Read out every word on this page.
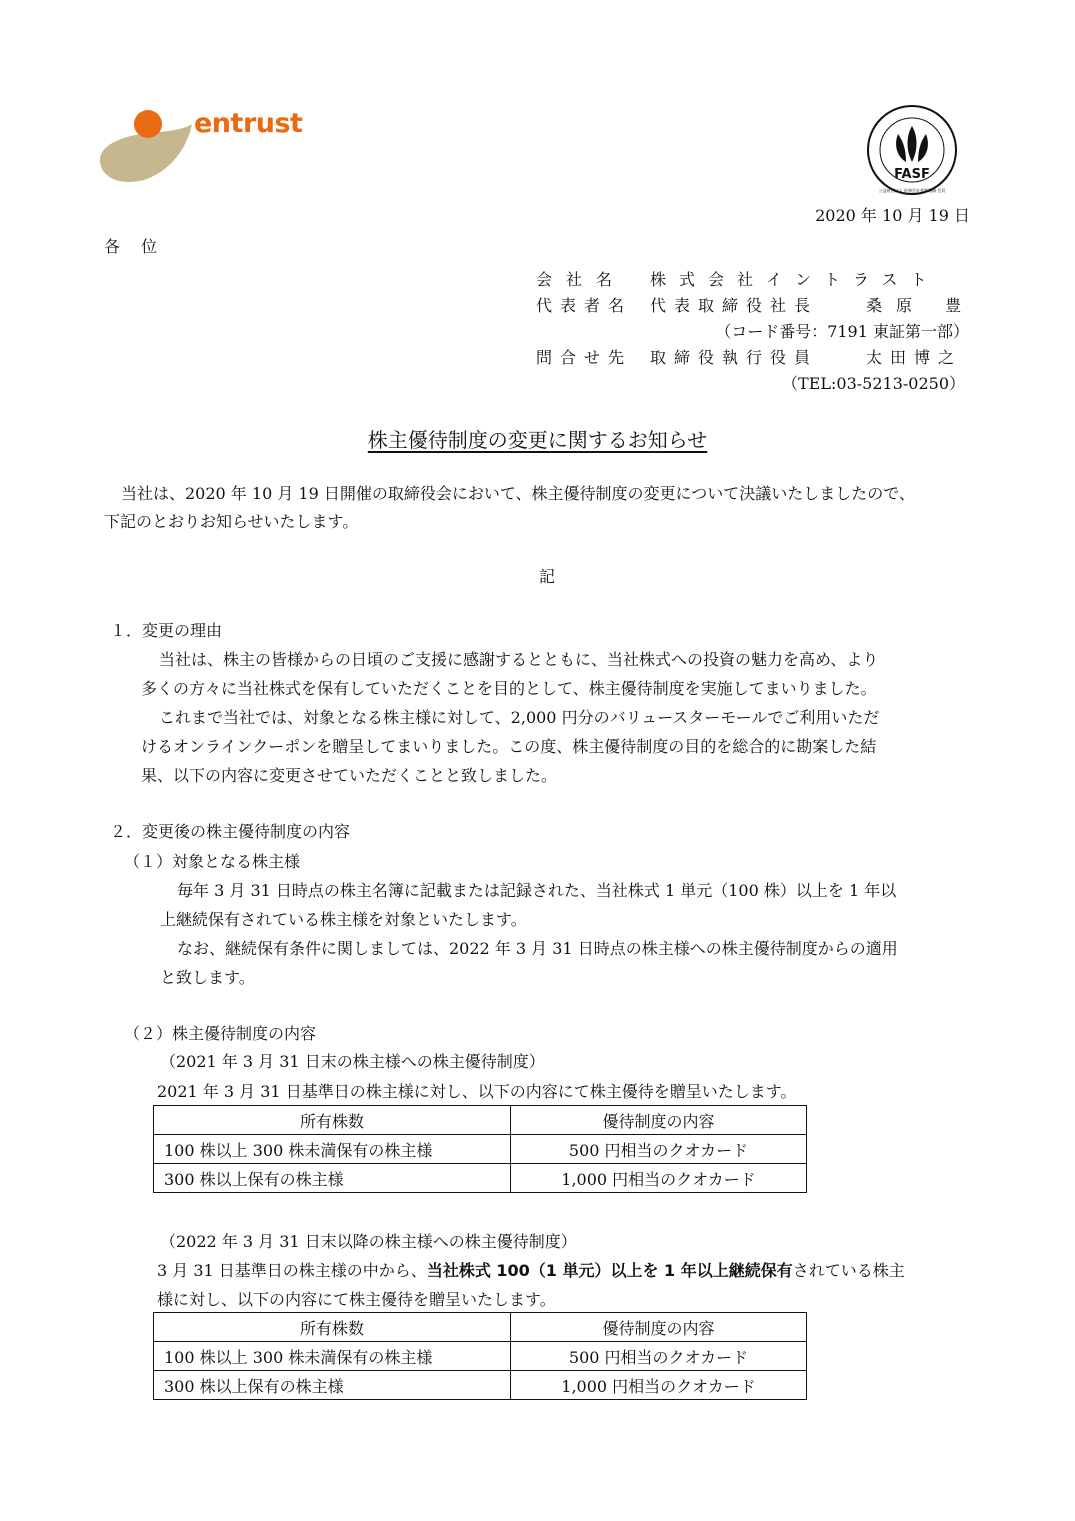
entrust
FASF
公益財団法人 財務会計基準機構 会員
2020 年 10 月 19 日
各 位
会社名 株式会社イントラスト
代表者名 代表取締役社長	桑原 豊
（コード番号：7191 東証第一部）
問合せ先 取締役執行役員	太田博之
（TEL:03-5213-0250）
株主優待制度の変更に関するお知らせ
当社は、2020 年 10 月 19 日開催の取締役会において、株主優待制度の変更について決議いたしましたので、
下記のとおりお知らせいたします。
記
１．変更の理由
当社は、株主の皆様からの日頃のご支援に感謝するとともに、当社株式への投資の魅力を高め、より
多くの方々に当社株式を保有していただくことを目的として、株主優待制度を実施してまいりました。
これまで当社では、対象となる株主様に対して、2,000 円分のバリュースターモールでご利用いただ
けるオンラインクーポンを贈呈してまいりました。この度、株主優待制度の目的を総合的に勘案した結
果、以下の内容に変更させていただくことと致しました。
２．変更後の株主優待制度の内容
（１）対象となる株主様
毎年 3 月 31 日時点の株主名簿に記載または記録された、当社株式 1 単元（100 株）以上を 1 年以
上継続保有されている株主様を対象といたします。
なお、継続保有条件に関しましては、2022 年 3 月 31 日時点の株主様への株主優待制度からの適用
と致します。
（２）株主優待制度の内容
（2021 年 3 月 31 日末の株主様への株主優待制度）
2021 年 3 月 31 日基準日の株主様に対し、以下の内容にて株主優待を贈呈いたします。
所有株数	優待制度の内容
100 株以上 300 株未満保有の株主様	500 円相当のクオカード
300 株以上保有の株主様	1,000 円相当のクオカード
（2022 年 3 月 31 日末以降の株主様への株主優待制度）
3 月 31 日基準日の株主様の中から、当社株式 100（1 単元）以上を 1 年以上継続保有されている株主
様に対し、以下の内容にて株主優待を贈呈いたします。
所有株数	優待制度の内容
100 株以上 300 株未満保有の株主様	500 円相当のクオカード
300 株以上保有の株主様	1,000 円相当のクオカード
